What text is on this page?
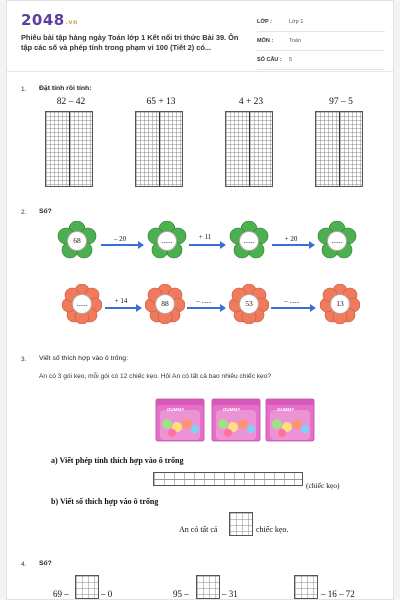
2048.vn
Phiếu bài tập hàng ngày Toán lớp 1 Kết nối tri thức Bài 39. Ôn tập các số và phép tính trong phạm vi 100 (Tiết 2) có...
LỚP :	Lớp 1
MÔN :	Toán
SỐ CÂU : 5
1. Đặt tính rồi tính:
82 – 42	65 + 13	4 + 23	97 – 5
2. Số?
68	......	......	......
– 20	+ 11	+ 20
......	88	53	13
+ 14	– ......	– ......
3. Viết số thích hợp vào ô trống:
An có 3 gói kẹo, mỗi gói có 12 chiếc kẹo. Hỏi An có tất cả bao nhiêu chiếc kẹo?
GUMMY	GUMMY	GUMMY
a) Viết phép tính thích hợp vào ô trống
(chiếc kẹo)
b) Viết số thích hợp vào ô trống
An có tất cả	chiếc kẹo.
4. Số?
69 –	– 0	95 –	– 31	– 16 – 72
